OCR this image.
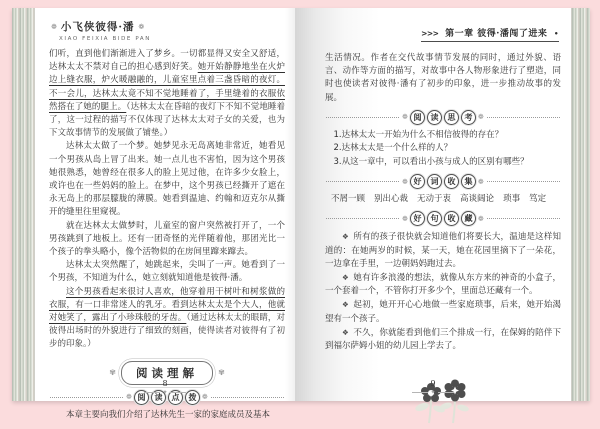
❁ 小飞侠彼得·潘 ❁
XIAO FEIXIA BIDE PAN

们听，直到他们渐渐进入了梦乡。一切都显得又安全又舒适，达林太太不禁对自己的担心感到好笑。她开始静静地坐在火炉边上缝衣服，炉火暖融融的，儿童室里点着三盏昏暗的夜灯。不一会儿，达林太太竟不知不觉地睡着了，手里缝着的衣服依然搭在了她的腿上。（达林太太在昏暗的夜灯下不知不觉地睡着了，这一过程的描写不仅体现了达林太太对子女的关爱，也为下文故事情节的发展做了铺垫。）

达林太太做了一个梦。她梦见永无岛离她非常近，她看见一个男孩从岛上冒了出来。她一点儿也不害怕，因为这个男孩她很熟悉，她曾经在很多人的脸上见过他，在许多少女脸上，或许也在一些妈妈的脸上。在梦中，这个男孩已经撕开了遮在永无岛上的那层朦胧的薄膜。她看到温迪、约翰和迈克尔从撕开的缝里往里窥视。

就在达林太太做梦时，儿童室的窗户突然被打开了，一个男孩跳到了地板上。还有一团奇怪的光伴随着他，那团光比一个孩子的拳头略小，像个活物似的在房间里蹿来蹿去。

达林太太突然醒了，她跳起来，尖叫了一声。她看到了一个男孩，不知道为什么，她立刻就知道他是彼得·潘。

这个男孩看起来很讨人喜欢，他穿着用干树叶和树浆做的衣服，有一口非常迷人的乳牙。看到达林太太是个大人，他就对她笑了，露出了小珍珠般的牙齿。（通过达林太太的眼睛，对彼得出场时的外貌进行了细致的刻画，使得读者对彼得有了初步的印象。）

✾ 阅读理解	✾
❁ 阅	读	点	拨 ❁

本章主要向我们介绍了达林先生一家的家庭成员及基本

8
✦
>>> 第一章 彼得·潘闯了进来 •

生活情况。作者在交代故事情节发展的同时，通过外貌、语言、动作等方面的描写，对故事中各人物形象进行了塑造，同时也使读者对彼得·潘有了初步的印象，进一步推动故事的发展。

❁ 阅	读	思	考 ❁

1.达林太太一开始为什么不相信彼得的存在？

2.达林太太是一个什么样的人？

3.从这一章中，可以看出小孩与成人的区别有哪些？

❁ 好	词	收	集 ❁
不屑一顾 别出心裁 无动于衷 高谈阔论 琐事 笃定
❁ 好	句	收	藏 ❁

❖ 所有的孩子很快就会知道他们将要长大，温迪是这样知道的：在她两岁的时候，某一天，她在花园里摘下了一朵花，一边拿在手里，一边朝妈妈跑过去。

❖ 她有许多浪漫的想法，就像从东方来的神奇的小盒子，一个套着一个，不管你打开多少个，里面总还藏有一个。

❖ 起初，她开开心心地做一些家庭琐事，后来，她开始渴望有一个孩子。

❖ 不久，你就能看到他们三个排成一行，在保姆的陪伴下到福尔萨姆小姐的幼儿园上学去了。

9
✦
